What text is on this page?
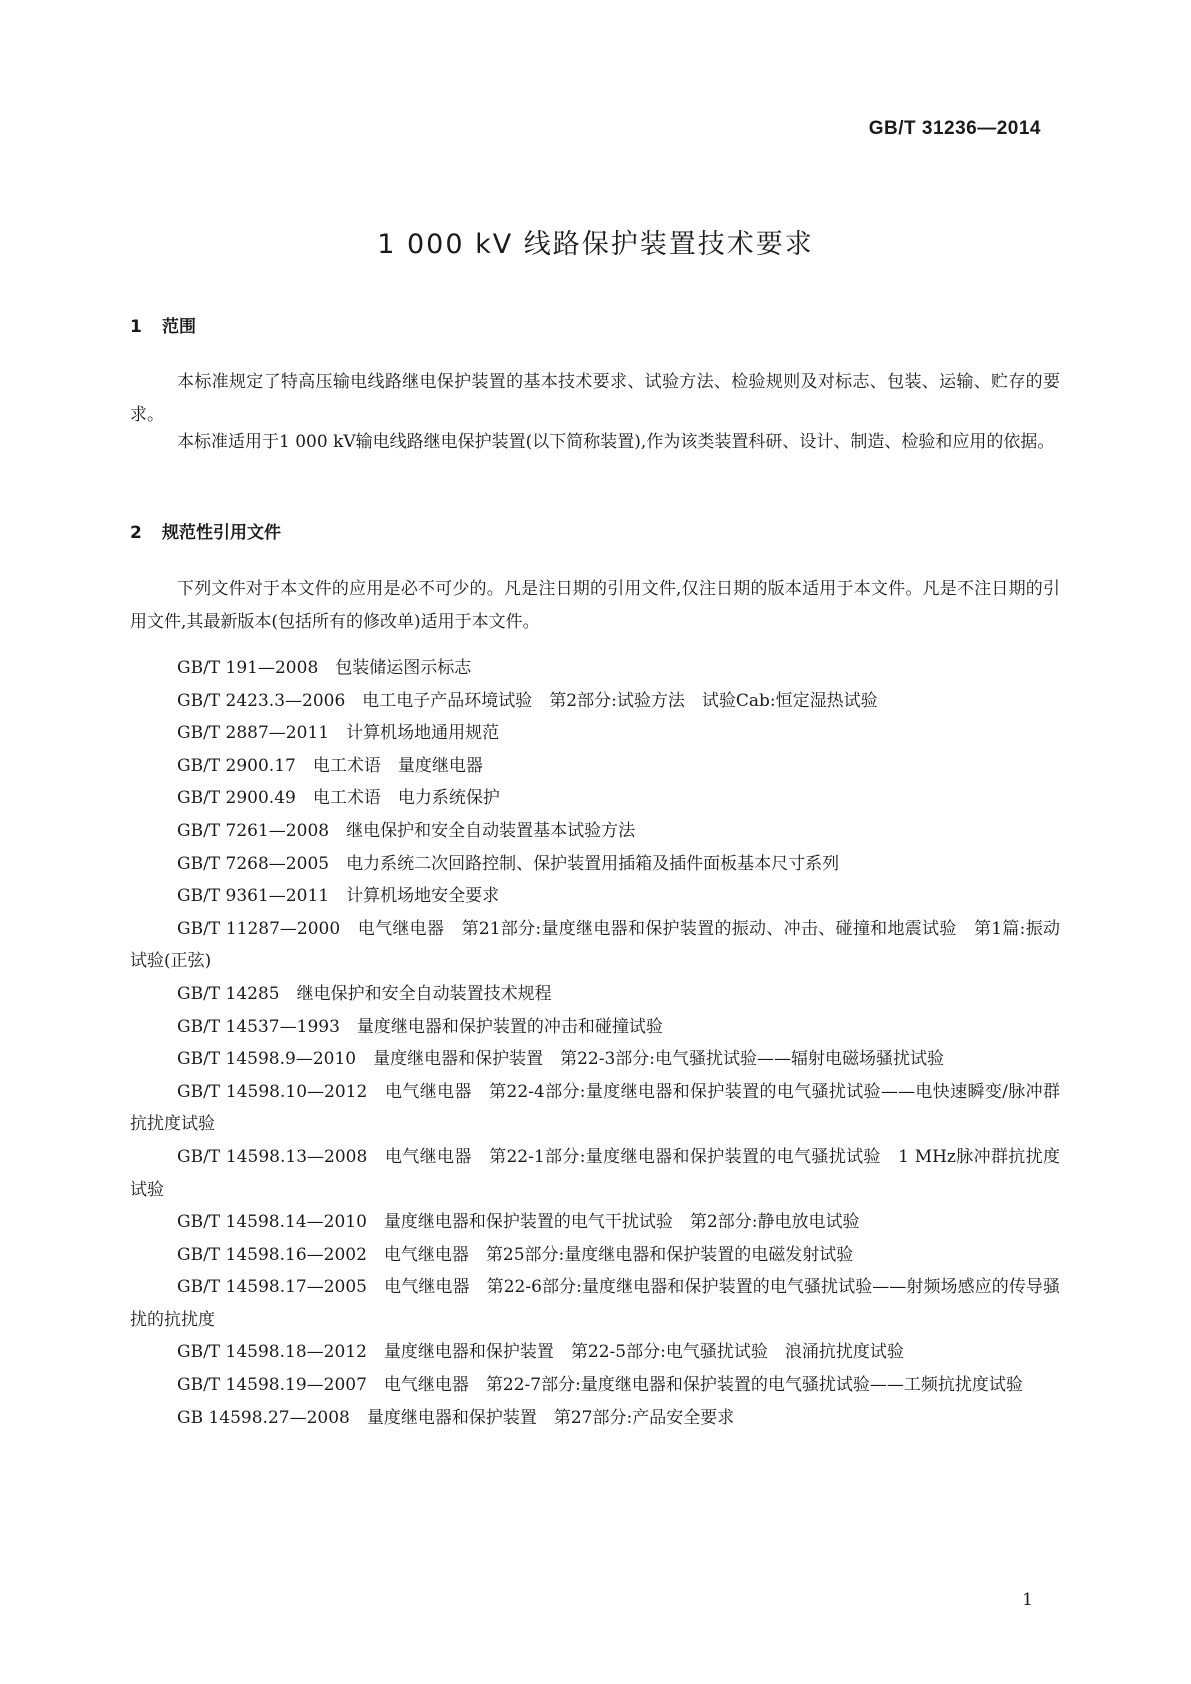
GB/T 31236—2014
1 000 kV 线路保护装置技术要求
1 范围
本标准规定了特高压输电线路继电保护装置的基本技术要求、试验方法、检验规则及对标志、包装、运输、贮存的要求。
本标准适用于1 000 kV输电线路继电保护装置(以下简称装置),作为该类装置科研、设计、制造、检验和应用的依据。
2 规范性引用文件
下列文件对于本文件的应用是必不可少的。凡是注日期的引用文件,仅注日期的版本适用于本文件。凡是不注日期的引用文件,其最新版本(包括所有的修改单)适用于本文件。
GB/T 191—2008　包装储运图示标志
GB/T 2423.3—2006　电工电子产品环境试验　第2部分:试验方法　试验Cab:恒定湿热试验
GB/T 2887—2011　计算机场地通用规范
GB/T 2900.17　电工术语　量度继电器
GB/T 2900.49　电工术语　电力系统保护
GB/T 7261—2008　继电保护和安全自动装置基本试验方法
GB/T 7268—2005　电力系统二次回路控制、保护装置用插箱及插件面板基本尺寸系列
GB/T 9361—2011　计算机场地安全要求
GB/T 11287—2000　电气继电器　第21部分:量度继电器和保护装置的振动、冲击、碰撞和地震试验　第1篇:振动试验(正弦)
GB/T 14285　继电保护和安全自动装置技术规程
GB/T 14537—1993　量度继电器和保护装置的冲击和碰撞试验
GB/T 14598.9—2010　量度继电器和保护装置　第22-3部分:电气骚扰试验——辐射电磁场骚扰试验
GB/T 14598.10—2012　电气继电器　第22-4部分:量度继电器和保护装置的电气骚扰试验——电快速瞬变/脉冲群抗扰度试验
GB/T 14598.13—2008　电气继电器　第22-1部分:量度继电器和保护装置的电气骚扰试验　1 MHz脉冲群抗扰度试验
GB/T 14598.14—2010　量度继电器和保护装置的电气干扰试验　第2部分:静电放电试验
GB/T 14598.16—2002　电气继电器　第25部分:量度继电器和保护装置的电磁发射试验
GB/T 14598.17—2005　电气继电器　第22-6部分:量度继电器和保护装置的电气骚扰试验——射频场感应的传导骚扰的抗扰度
GB/T 14598.18—2012　量度继电器和保护装置　第22-5部分:电气骚扰试验　浪涌抗扰度试验
GB/T 14598.19—2007　电气继电器　第22-7部分:量度继电器和保护装置的电气骚扰试验——工频抗扰度试验
GB 14598.27—2008　量度继电器和保护装置　第27部分:产品安全要求
1
